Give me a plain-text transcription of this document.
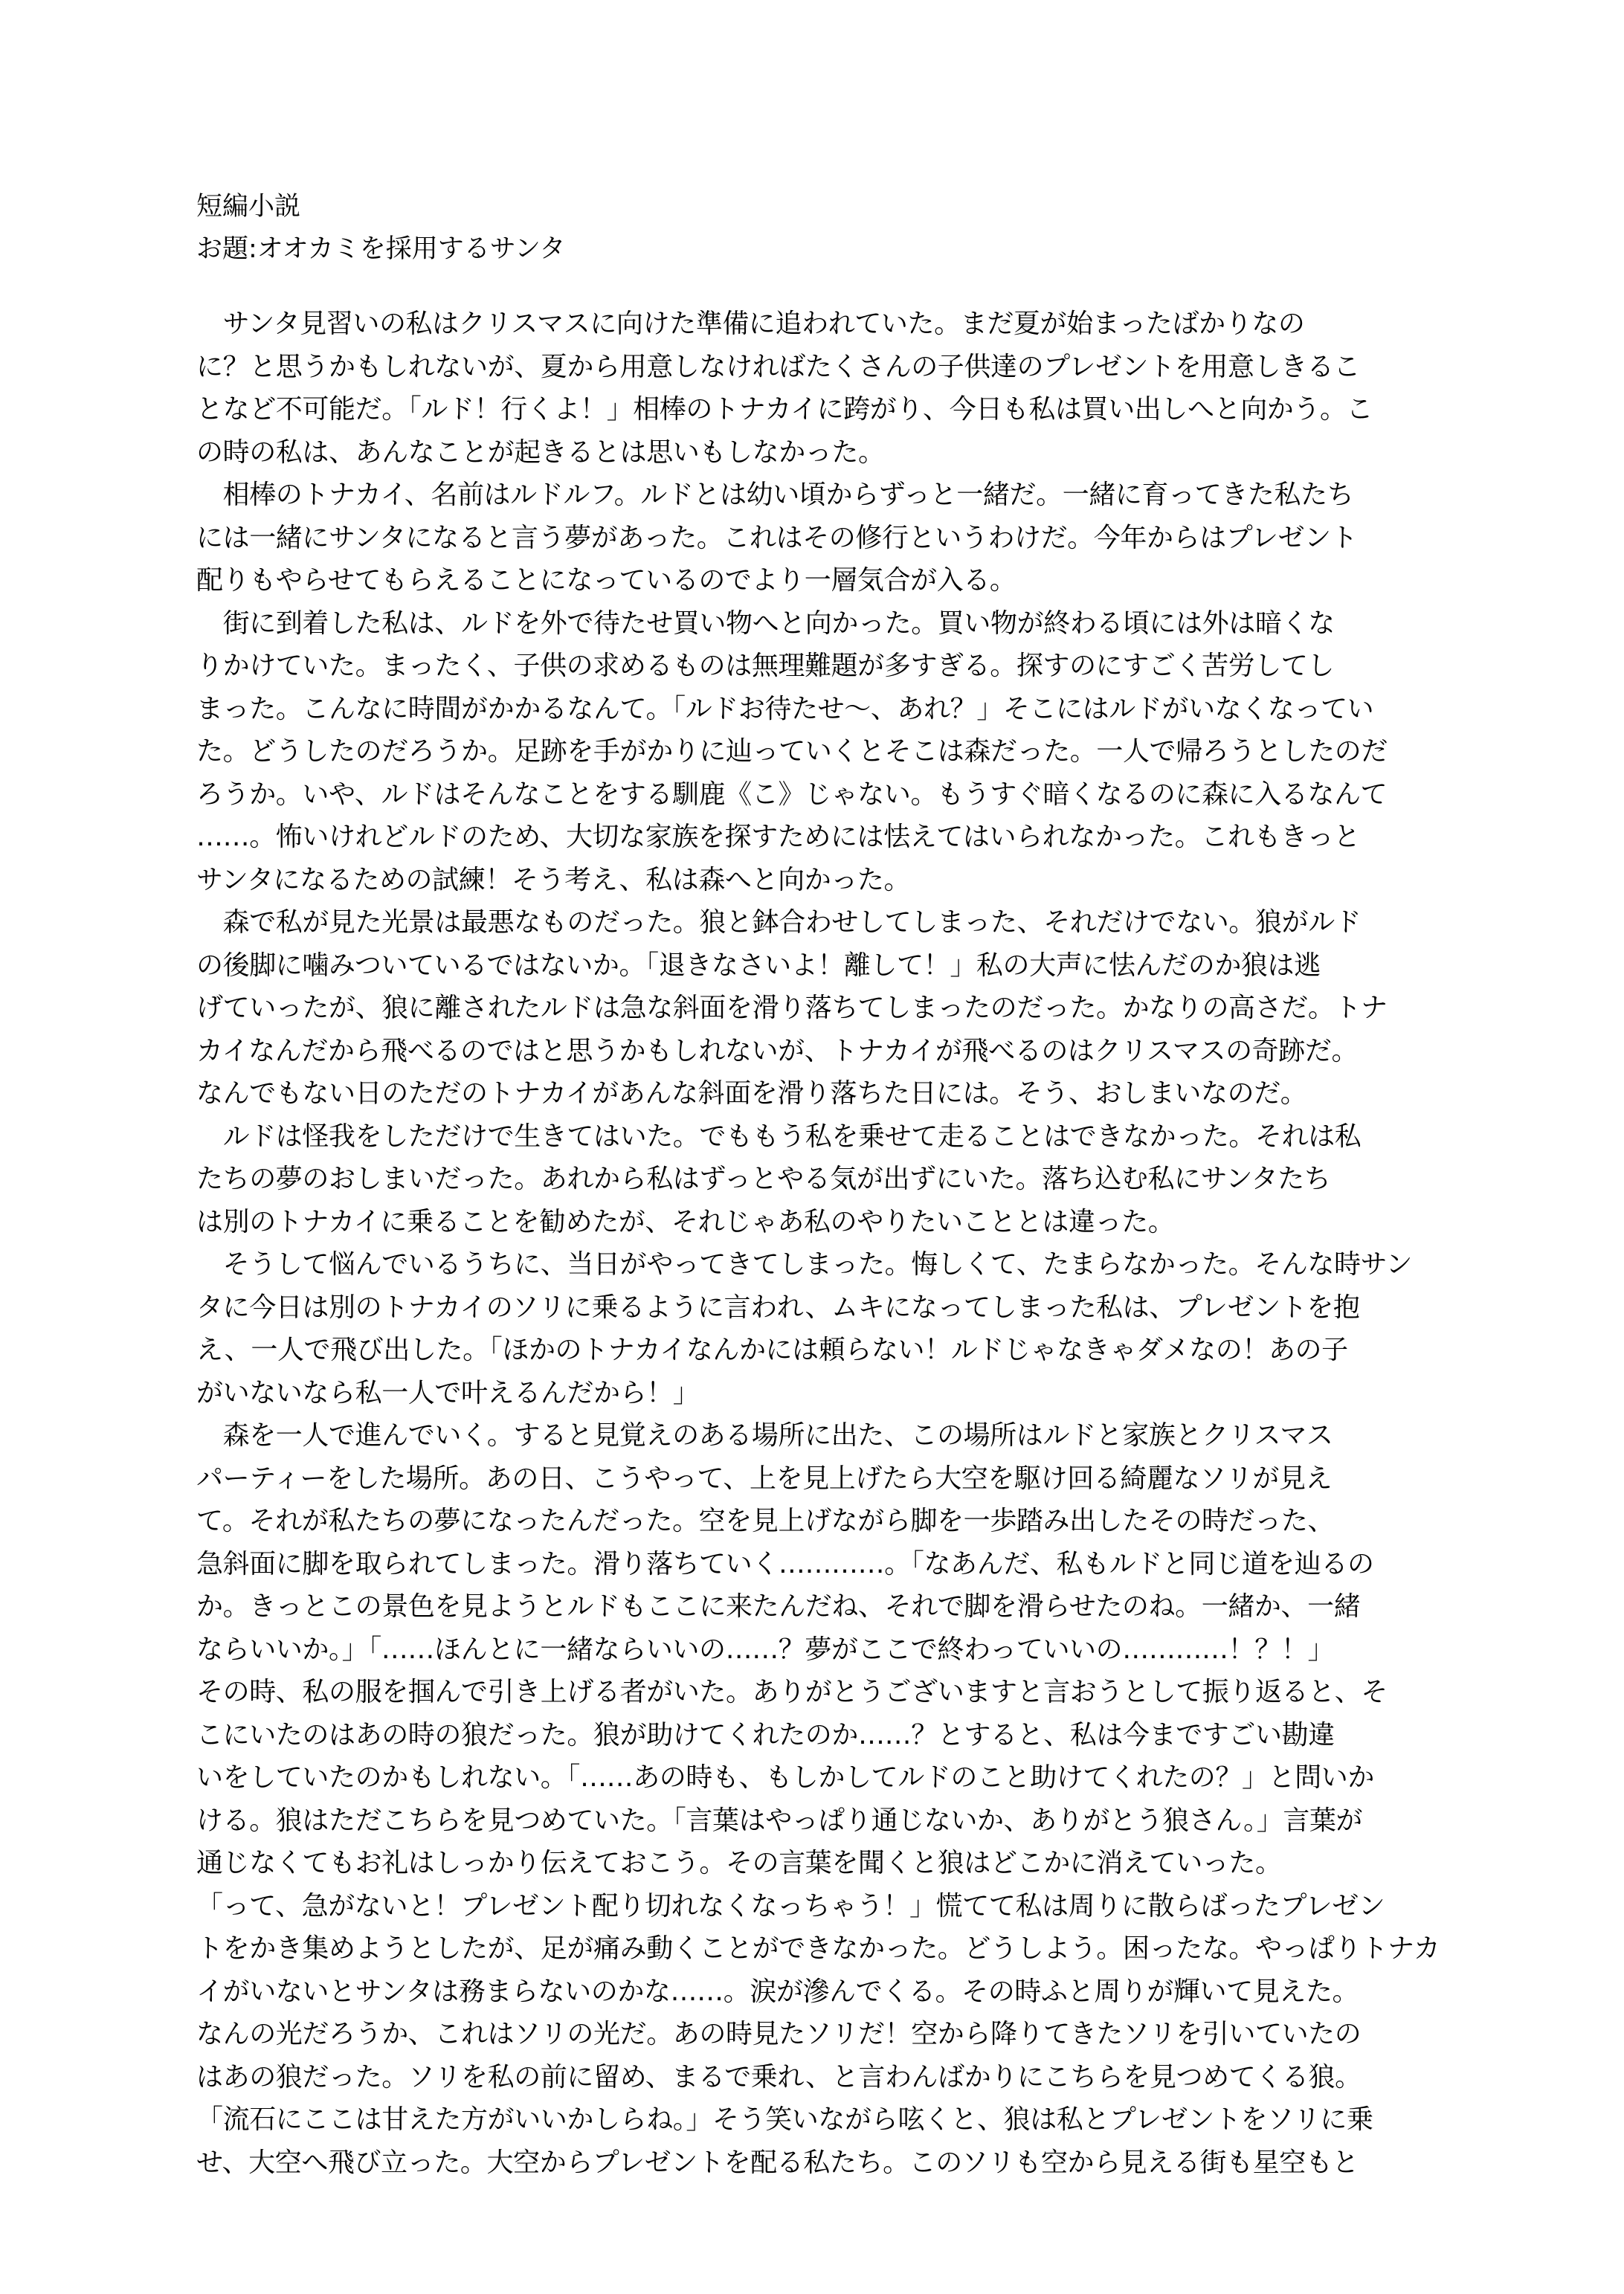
短編小説
お題:オオカミを採用するサンタ
　サンタ見習いの私はクリスマスに向けた準備に追われていた。まだ夏が始まったばかりなの
に？と思うかもしれないが、夏から用意しなければたくさんの子供達のプレゼントを用意しきるこ
となど不可能だ。「ルド！行くよ！」相棒のトナカイに跨がり、今日も私は買い出しへと向かう。こ
の時の私は、あんなことが起きるとは思いもしなかった。
　相棒のトナカイ、名前はルドルフ。ルドとは幼い頃からずっと一緒だ。一緒に育ってきた私たち
には一緒にサンタになると言う夢があった。これはその修行というわけだ。今年からはプレゼント
配りもやらせてもらえることになっているのでより一層気合が入る。
　街に到着した私は、ルドを外で待たせ買い物へと向かった。買い物が終わる頃には外は暗くな
りかけていた。まったく、子供の求めるものは無理難題が多すぎる。探すのにすごく苦労してし
まった。こんなに時間がかかるなんて。「ルドお待たせ〜、あれ？」そこにはルドがいなくなってい
た。どうしたのだろうか。足跡を手がかりに辿っていくとそこは森だった。一人で帰ろうとしたのだ
ろうか。いや、ルドはそんなことをする馴鹿《こ》じゃない。もうすぐ暗くなるのに森に入るなんて
……。怖いけれどルドのため、大切な家族を探すためには怯えてはいられなかった。これもきっと
サンタになるための試練！そう考え、私は森へと向かった。
　森で私が見た光景は最悪なものだった。狼と鉢合わせしてしまった、それだけでない。狼がルド
の後脚に噛みついているではないか。「退きなさいよ！離して！」私の大声に怯んだのか狼は逃
げていったが、狼に離されたルドは急な斜面を滑り落ちてしまったのだった。かなりの高さだ。トナ
カイなんだから飛べるのではと思うかもしれないが、トナカイが飛べるのはクリスマスの奇跡だ。
なんでもない日のただのトナカイがあんな斜面を滑り落ちた日には。そう、おしまいなのだ。
　ルドは怪我をしただけで生きてはいた。でももう私を乗せて走ることはできなかった。それは私
たちの夢のおしまいだった。あれから私はずっとやる気が出ずにいた。落ち込む私にサンタたち
は別のトナカイに乗ることを勧めたが、それじゃあ私のやりたいこととは違った。
　そうして悩んでいるうちに、当日がやってきてしまった。悔しくて、たまらなかった。そんな時サン
タに今日は別のトナカイのソリに乗るように言われ、ムキになってしまった私は、プレゼントを抱
え、一人で飛び出した。「ほかのトナカイなんかには頼らない！ルドじゃなきゃダメなの！あの子
がいないなら私一人で叶えるんだから！」
　森を一人で進んでいく。すると見覚えのある場所に出た、この場所はルドと家族とクリスマス
パーティーをした場所。あの日、こうやって、上を見上げたら大空を駆け回る綺麗なソリが見え
て。それが私たちの夢になったんだった。空を見上げながら脚を一歩踏み出したその時だった、
急斜面に脚を取られてしまった。滑り落ちていく…………。「なあんだ、私もルドと同じ道を辿るの
か。きっとこの景色を見ようとルドもここに来たんだね、それで脚を滑らせたのね。一緒か、一緒
ならいいか。」「……ほんとに一緒ならいいの……？夢がここで終わっていいの…………！？！」
その時、私の服を掴んで引き上げる者がいた。ありがとうございますと言おうとして振り返ると、そ
こにいたのはあの時の狼だった。狼が助けてくれたのか……？とすると、私は今まですごい勘違
いをしていたのかもしれない。「……あの時も、もしかしてルドのこと助けてくれたの？」と問いか
ける。狼はただこちらを見つめていた。「言葉はやっぱり通じないか、ありがとう狼さん。」言葉が
通じなくてもお礼はしっかり伝えておこう。その言葉を聞くと狼はどこかに消えていった。
「って、急がないと！プレゼント配り切れなくなっちゃう！」慌てて私は周りに散らばったプレゼン
トをかき集めようとしたが、足が痛み動くことができなかった。どうしよう。困ったな。やっぱりトナカ
イがいないとサンタは務まらないのかな……。涙が滲んでくる。その時ふと周りが輝いて見えた。
なんの光だろうか、これはソリの光だ。あの時見たソリだ！空から降りてきたソリを引いていたの
はあの狼だった。ソリを私の前に留め、まるで乗れ、と言わんばかりにこちらを見つめてくる狼。
「流石にここは甘えた方がいいかしらね。」そう笑いながら呟くと、狼は私とプレゼントをソリに乗
せ、大空へ飛び立った。大空からプレゼントを配る私たち。このソリも空から見える街も星空もと
